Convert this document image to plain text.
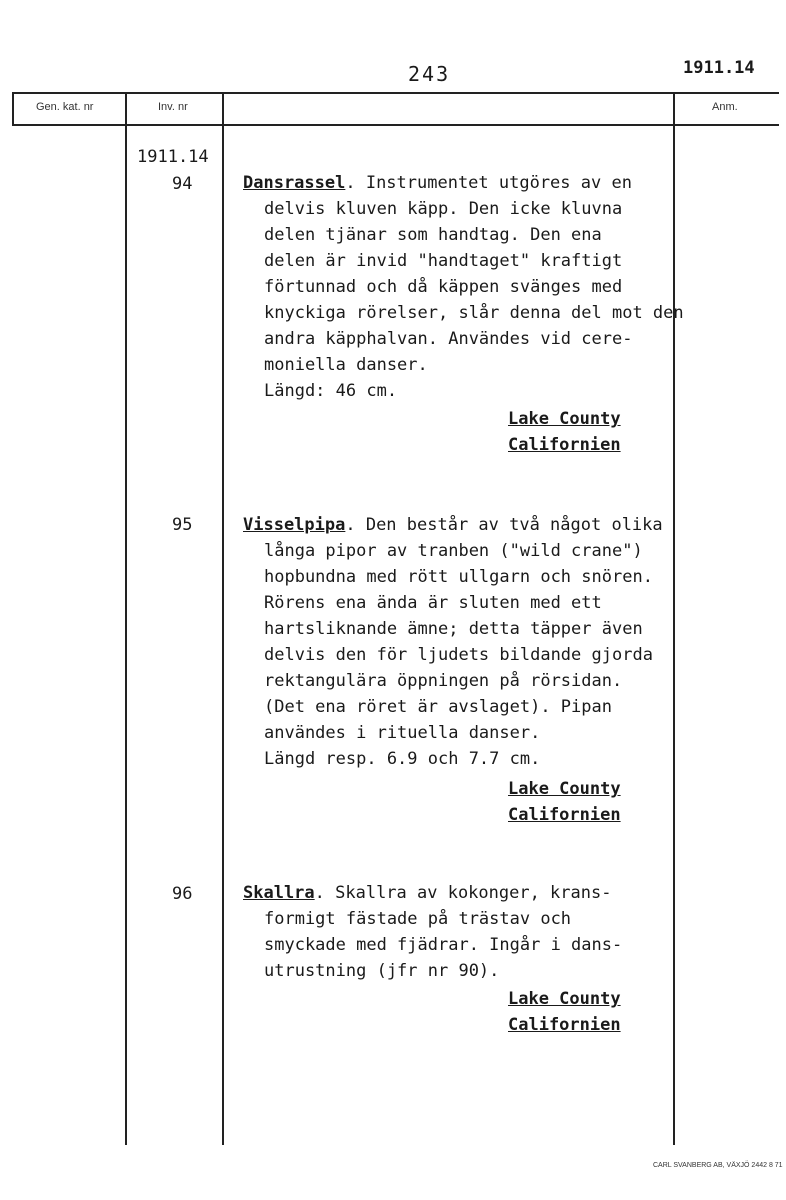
243	1911.14
Gen. kat. nr	Inv. nr	Anm.
1911.14
94	Dansrassel. Instrumentet utgöres av en
delvis kluven käpp. Den icke kluvna
delen tjänar som handtag. Den ena
delen är invid "handtaget" kraftigt
förtunnad och då käppen svänges med
knyckiga rörelser, slår denna del mot den
andra käpphalvan. Användes vid cere-
moniella danser.
Längd: 46 cm.
Lake County
Californien
95	Visselpipa. Den består av två något olika
långa pipor av tranben ("wild crane")
hopbundna med rött ullgarn och snören.
Rörens ena ända är sluten med ett
hartsliknande ämne; detta täpper även
delvis den för ljudets bildande gjorda
rektangulära öppningen på rörsidan.
(Det ena röret är avslaget). Pipan
användes i rituella danser.
Längd resp. 6.9 och 7.7 cm.
Lake County
Californien
96	Skallra. Skallra av kokonger, krans-
formigt fästade på trästav och
smyckade med fjädrar. Ingår i dans-
utrustning (jfr nr 90).
Lake County
Californien
CARL SVANBERG AB, VÄXJÖ 2442 8 71
